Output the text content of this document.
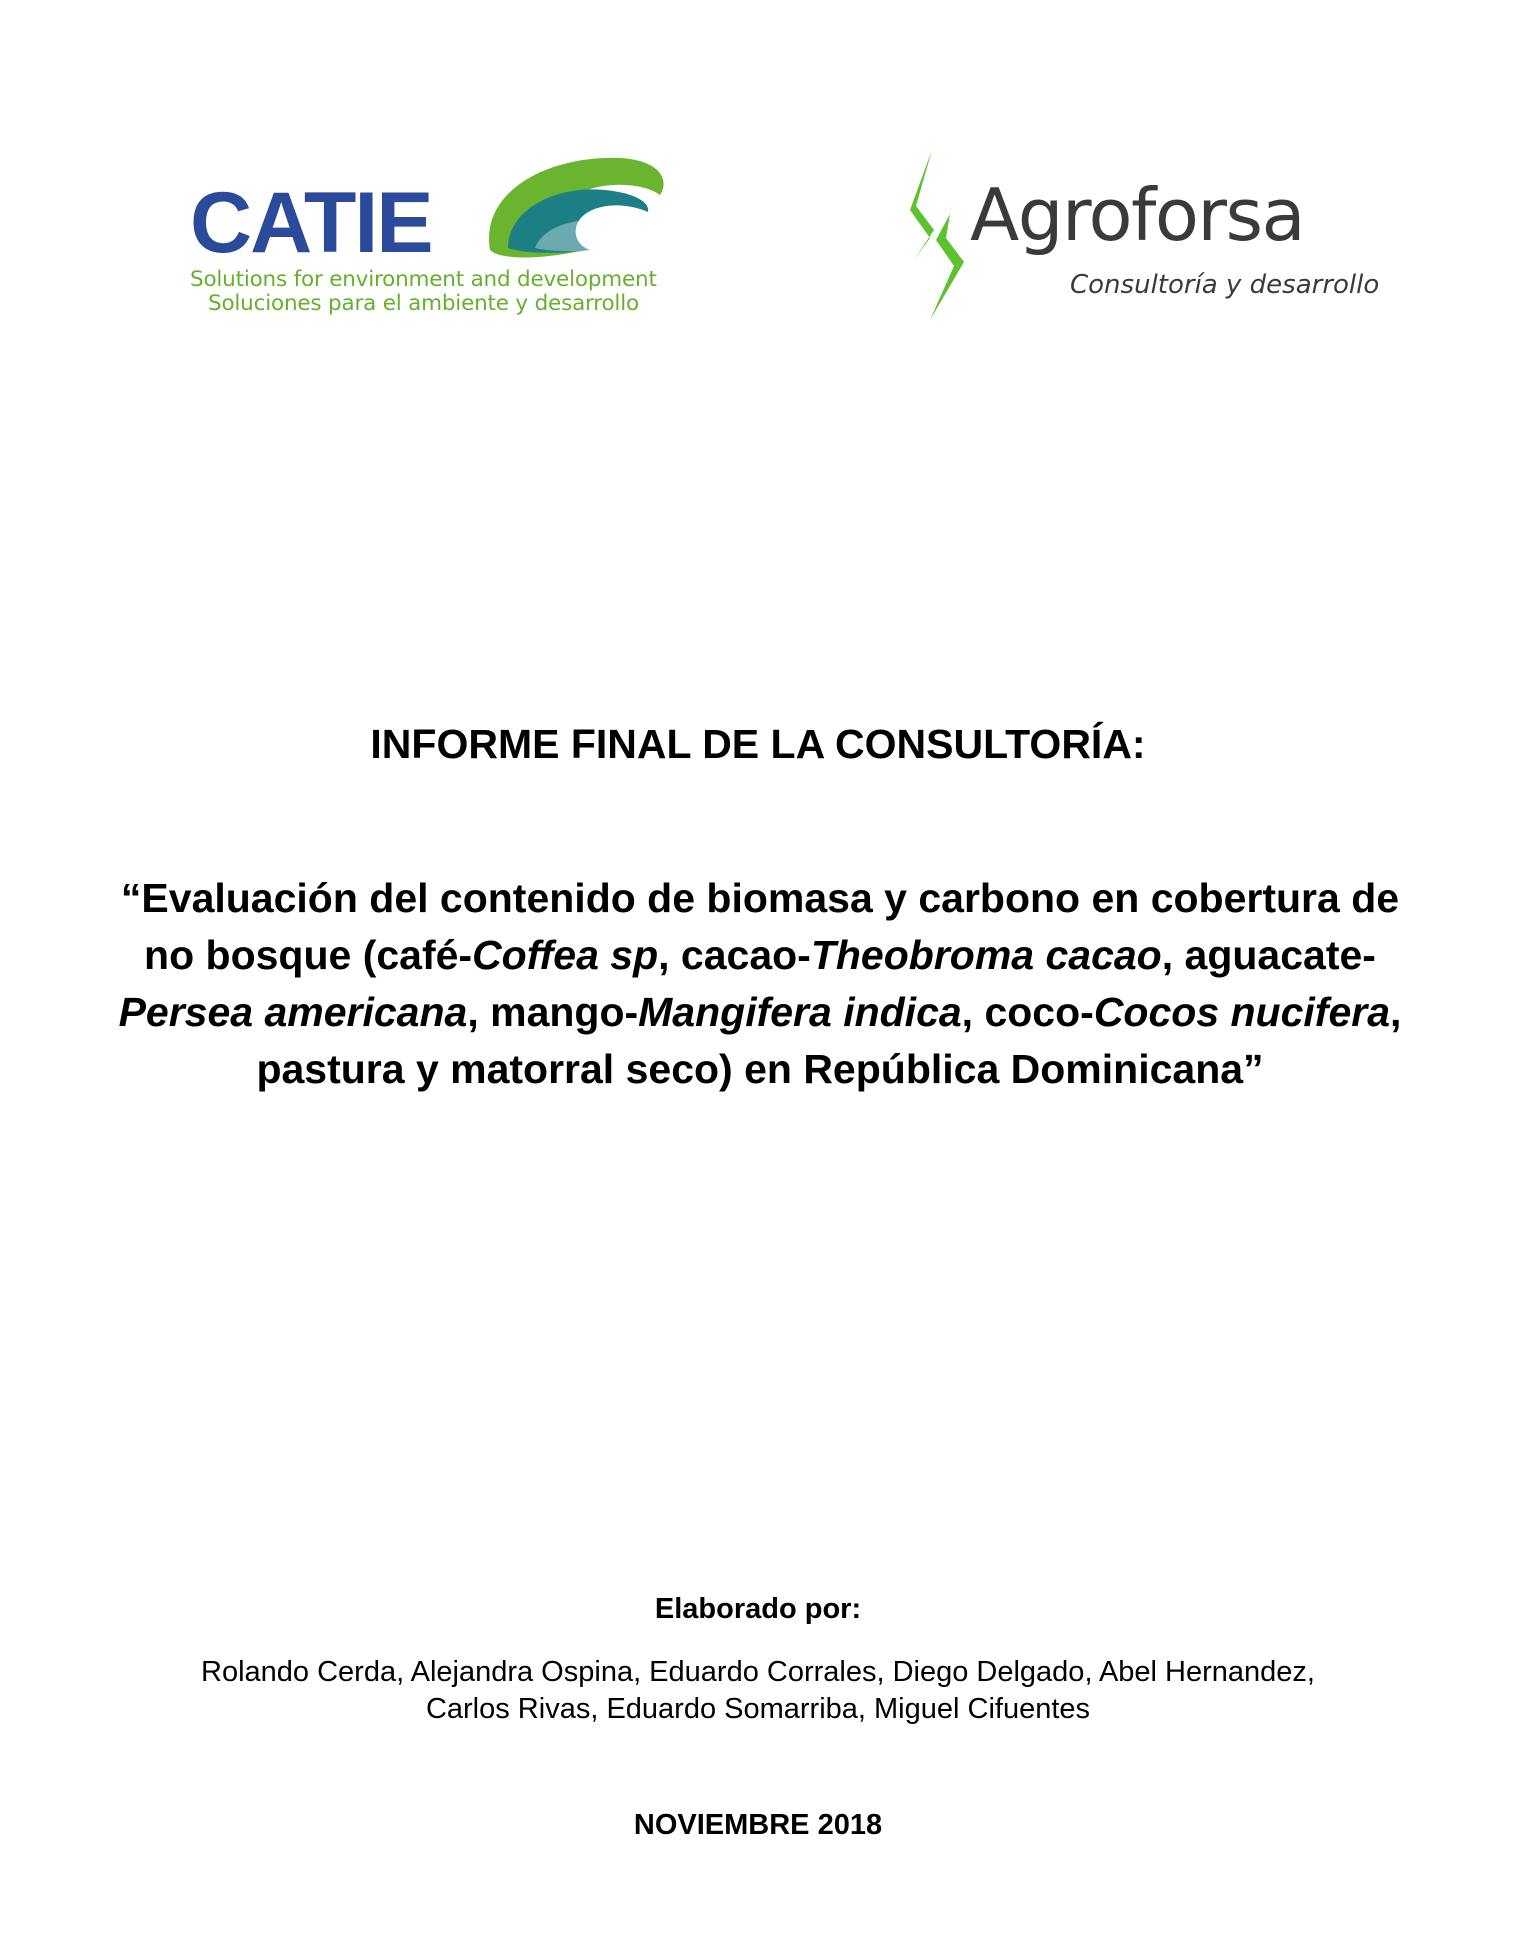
CATIE
Solutions for environment and development
Soluciones para el ambiente y desarrollo
Agroforsa
Consultoría y desarrollo
INFORME FINAL DE LA CONSULTORÍA:
“Evaluación del contenido de biomasa y carbono en cobertura de no bosque (café-Coffea sp, cacao-Theobroma cacao, aguacate-Persea americana, mango-Mangifera indica, coco-Cocos nucifera, pastura y matorral seco) en República Dominicana”
Elaborado por:
Rolando Cerda, Alejandra Ospina, Eduardo Corrales, Diego Delgado, Abel Hernandez,
Carlos Rivas, Eduardo Somarriba, Miguel Cifuentes
NOVIEMBRE 2018
